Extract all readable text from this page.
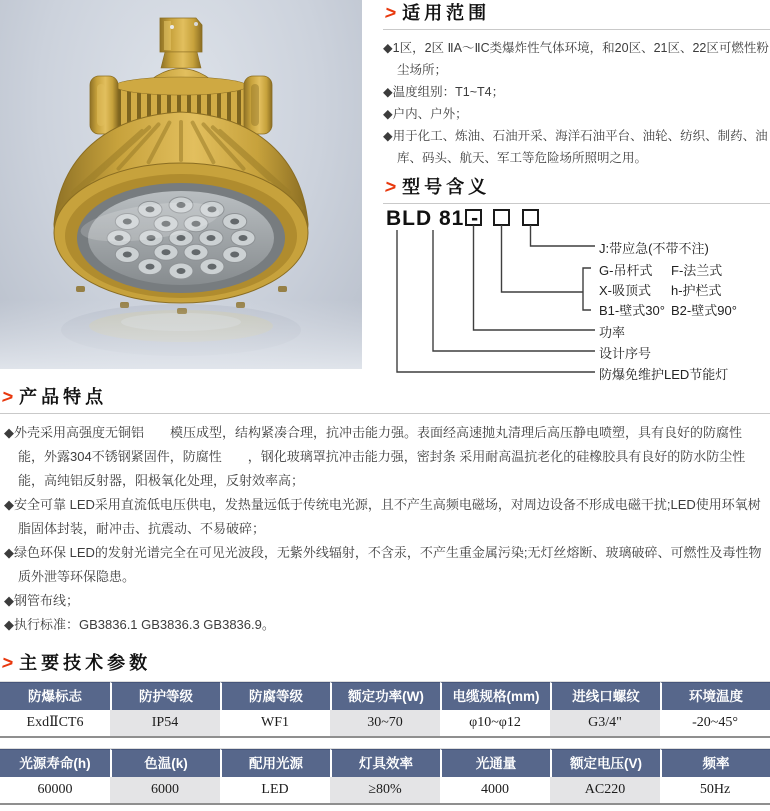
> 适用范围

◆1区，2区 ⅡA～ⅡC类爆炸性气体环境，和20区、21区、22区可燃性粉尘场所；

◆温度组别：T1~T4；

◆户内、户外；

◆用于化工、炼油、石油开采、海洋石油平台、油轮、纺织、制药、油库、码头、航天、军工等危险场所照明之用。

> 型号含义
BLD 81 -
J:带应急(不带不注)
G-吊杆式	F-法兰式
X-吸顶式	h-护栏式
B1-壁式30° B2-壁式90°
功率
设计序号
防爆免维护LED节能灯
> 产品特点

◆外壳采用高强度无铜铝　　模压成型，结构紧凑合理，抗冲击能力强。表面经高速抛丸清理后高压静电喷塑，具有良好的防腐性能，外露304不锈钢紧固件，防腐性　　，钢化玻璃罩抗冲击能力强，密封条 采用耐高温抗老化的硅橡胶具有良好的防水防尘性能，高纯铝反射器，阳极氧化处理，反射效率高；

◆安全可靠 LED采用直流低电压供电，发热量远低于传统电光源，且不产生高频电磁场，对周边设备不形成电磁干扰;LED使用环氧树脂固体封装，耐冲击、抗震动、不易破碎；

◆绿色环保 LED的发射光谱完全在可见光波段，无紫外线辐射，不含汞，不产生重金属污染;无灯丝熔断、玻璃破碎、可燃性及毒性物质外泄等环保隐患。

◆钢管布线；

◆执行标准：GB3836.1 GB3836.3 GB3836.9。

> 主要技术参数
防爆标志	防护等级	防腐等级	额定功率(W)	电缆规格(mm)	进线口螺纹	环境温度
ExdⅡCT6	IP54	WF1	30~70	φ10~φ12	G3/4"	-20~45°
光源寿命(h)	色温(k)	配用光源	灯具效率	光通量	额定电压(V)	频率
60000	6000	LED	≥80%	4000	AC220	50Hz
